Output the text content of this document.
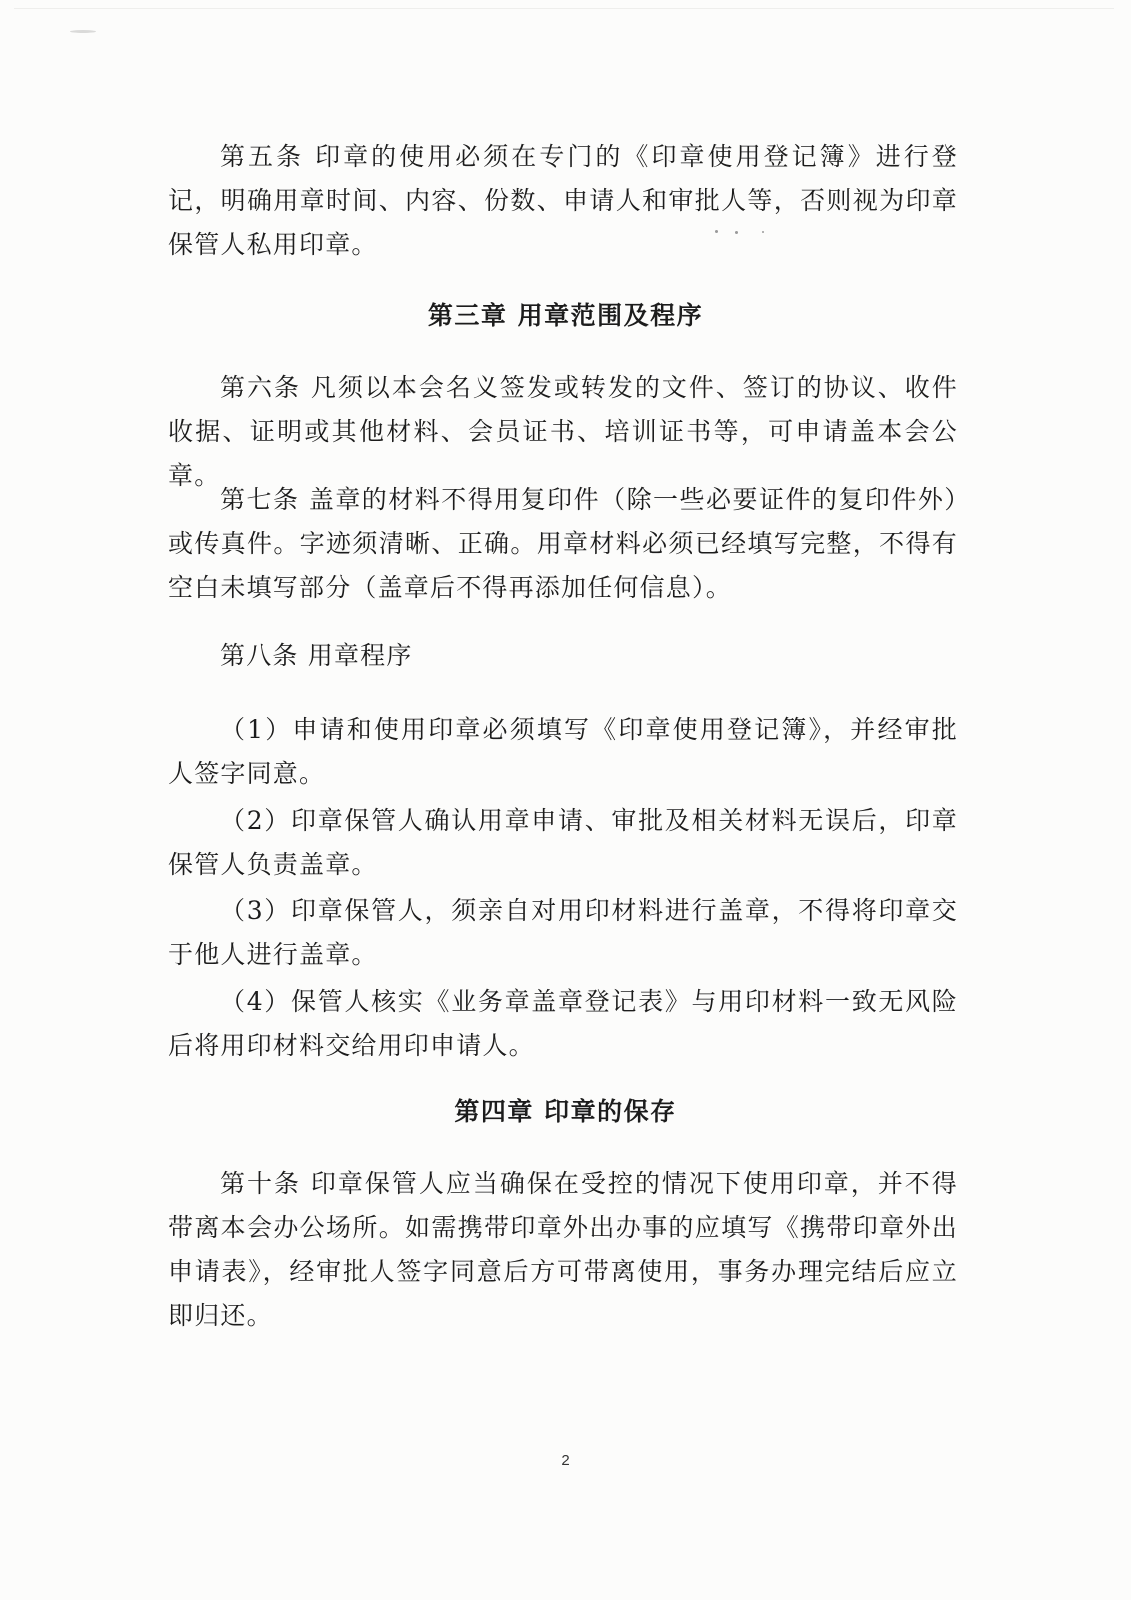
第五条 印章的使用必须在专门的《印章使用登记簿》进行登记，明确用章时间、内容、份数、申请人和审批人等，否则视为印章保管人私用印章。

第三章 用章范围及程序

第六条 凡须以本会名义签发或转发的文件、签订的协议、收件收据、证明或其他材料、会员证书、培训证书等，可申请盖本会公章。

第七条 盖章的材料不得用复印件（除一些必要证件的复印件外）或传真件。字迹须清晰、正确。用章材料必须已经填写完整，不得有空白未填写部分（盖章后不得再添加任何信息）。

第八条 用章程序

（1）申请和使用印章必须填写《印章使用登记簿》，并经审批人签字同意。

（2）印章保管人确认用章申请、审批及相关材料无误后，印章保管人负责盖章。

（3）印章保管人，须亲自对用印材料进行盖章，不得将印章交于他人进行盖章。

（4）保管人核实《业务章盖章登记表》与用印材料一致无风险后将用印材料交给用印申请人。

第四章 印章的保存

第十条 印章保管人应当确保在受控的情况下使用印章，并不得带离本会办公场所。如需携带印章外出办事的应填写《携带印章外出申请表》，经审批人签字同意后方可带离使用，事务办理完结后应立即归还。

2
